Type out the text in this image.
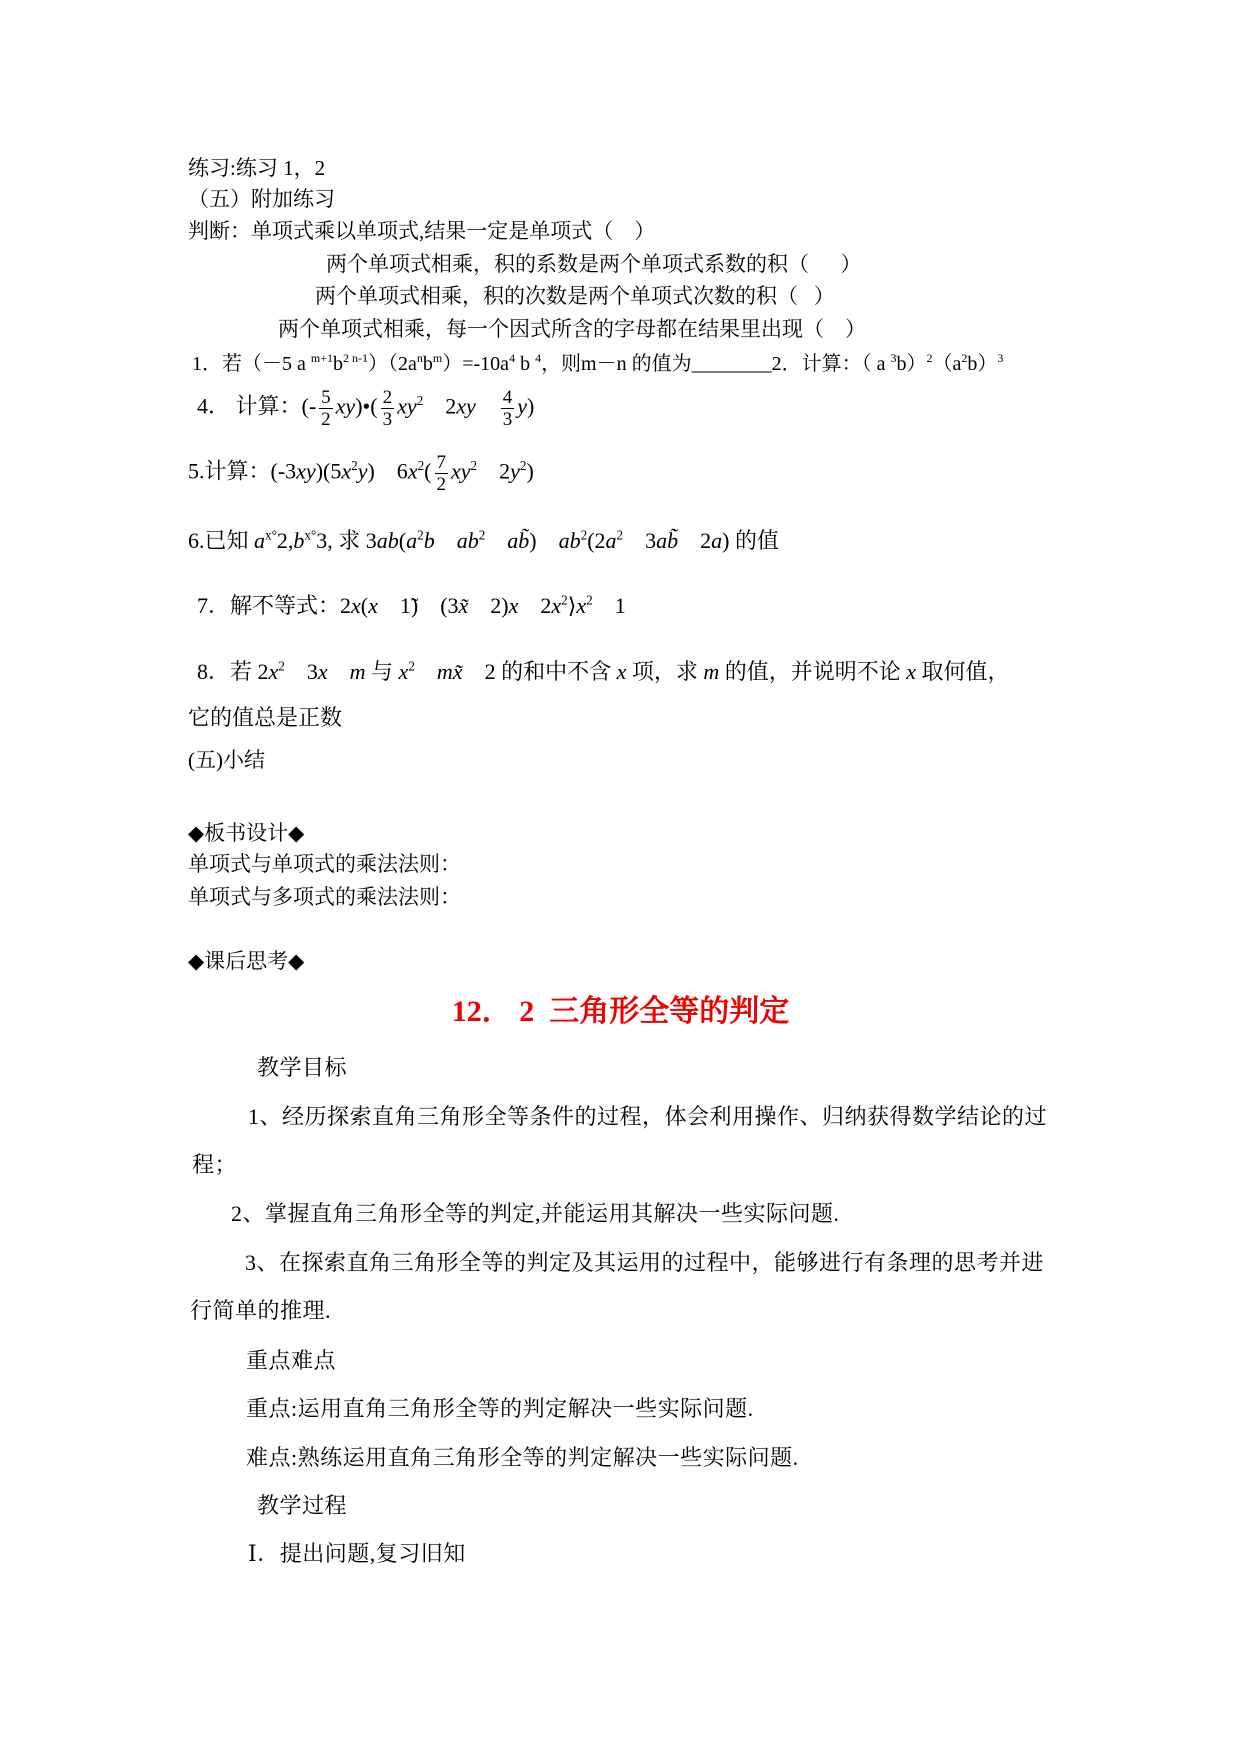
练习:练习 1，2
（五）附加练习
判断：单项式乘以单项式,结果一定是单项式（    ）
两个单项式相乘，积的系数是两个单项式系数的积（      ）
两个单项式相乘，积的次数是两个单项式次数的积（   ）
两个单项式相乘，每一个因式所含的字母都在结果里出现（    ）
1．若（－5 a $^{m+1}b^{2 n-1})(2a^nb^m)=-10a^4$ b $^4$，则m－n 的值为________2．计算：（ a $^3b)^2(a^2b)^3$
4． 计算：(- $\frac{5}{2}$ xy)•( $\frac{2}{3} xy^2$    $2xy \frac{4}{3} y$)
5.计算：$(-3xy)(5x^2y)$    $6x^2( \frac{7}{2} xy^2$    $2y^2$)
6.已知 $a^{x^\circ}2,b^{x^\circ}3$, 求 $3ab(a^2b$ $ab^2$ ab̃)    $ab^2(2a^2$    3ab̃    2a) 的值
7．解不等式：2x(x    1̃)    (3x̃    2)x    $2x^2⟩x^2$    1
8．若 $2x^2$    3x m 与 $x^2$ mx̃    2 的和中不含 x 项，求 m 的值，并说明不论 x 取何值，
它的值总是正数
(五)小结
◆板书设计◆
单项式与单项式的乘法法则：
单项式与多项式的乘法法则：
◆课后思考◆
12． 2  三角形全等的判定
教学目标
1、经历探索直角三角形全等条件的过程，体会利用操作、归纳获得数学结论的过
程；
2、掌握直角三角形全等的判定,并能运用其解决一些实际问题.
3、在探索直角三角形全等的判定及其运用的过程中，能够进行有条理的思考并进
行简单的推理.
重点难点
重点:运用直角三角形全等的判定解决一些实际问题.
难点:熟练运用直角三角形全等的判定解决一些实际问题.
教学过程
Ⅰ．提出问题,复习旧知
